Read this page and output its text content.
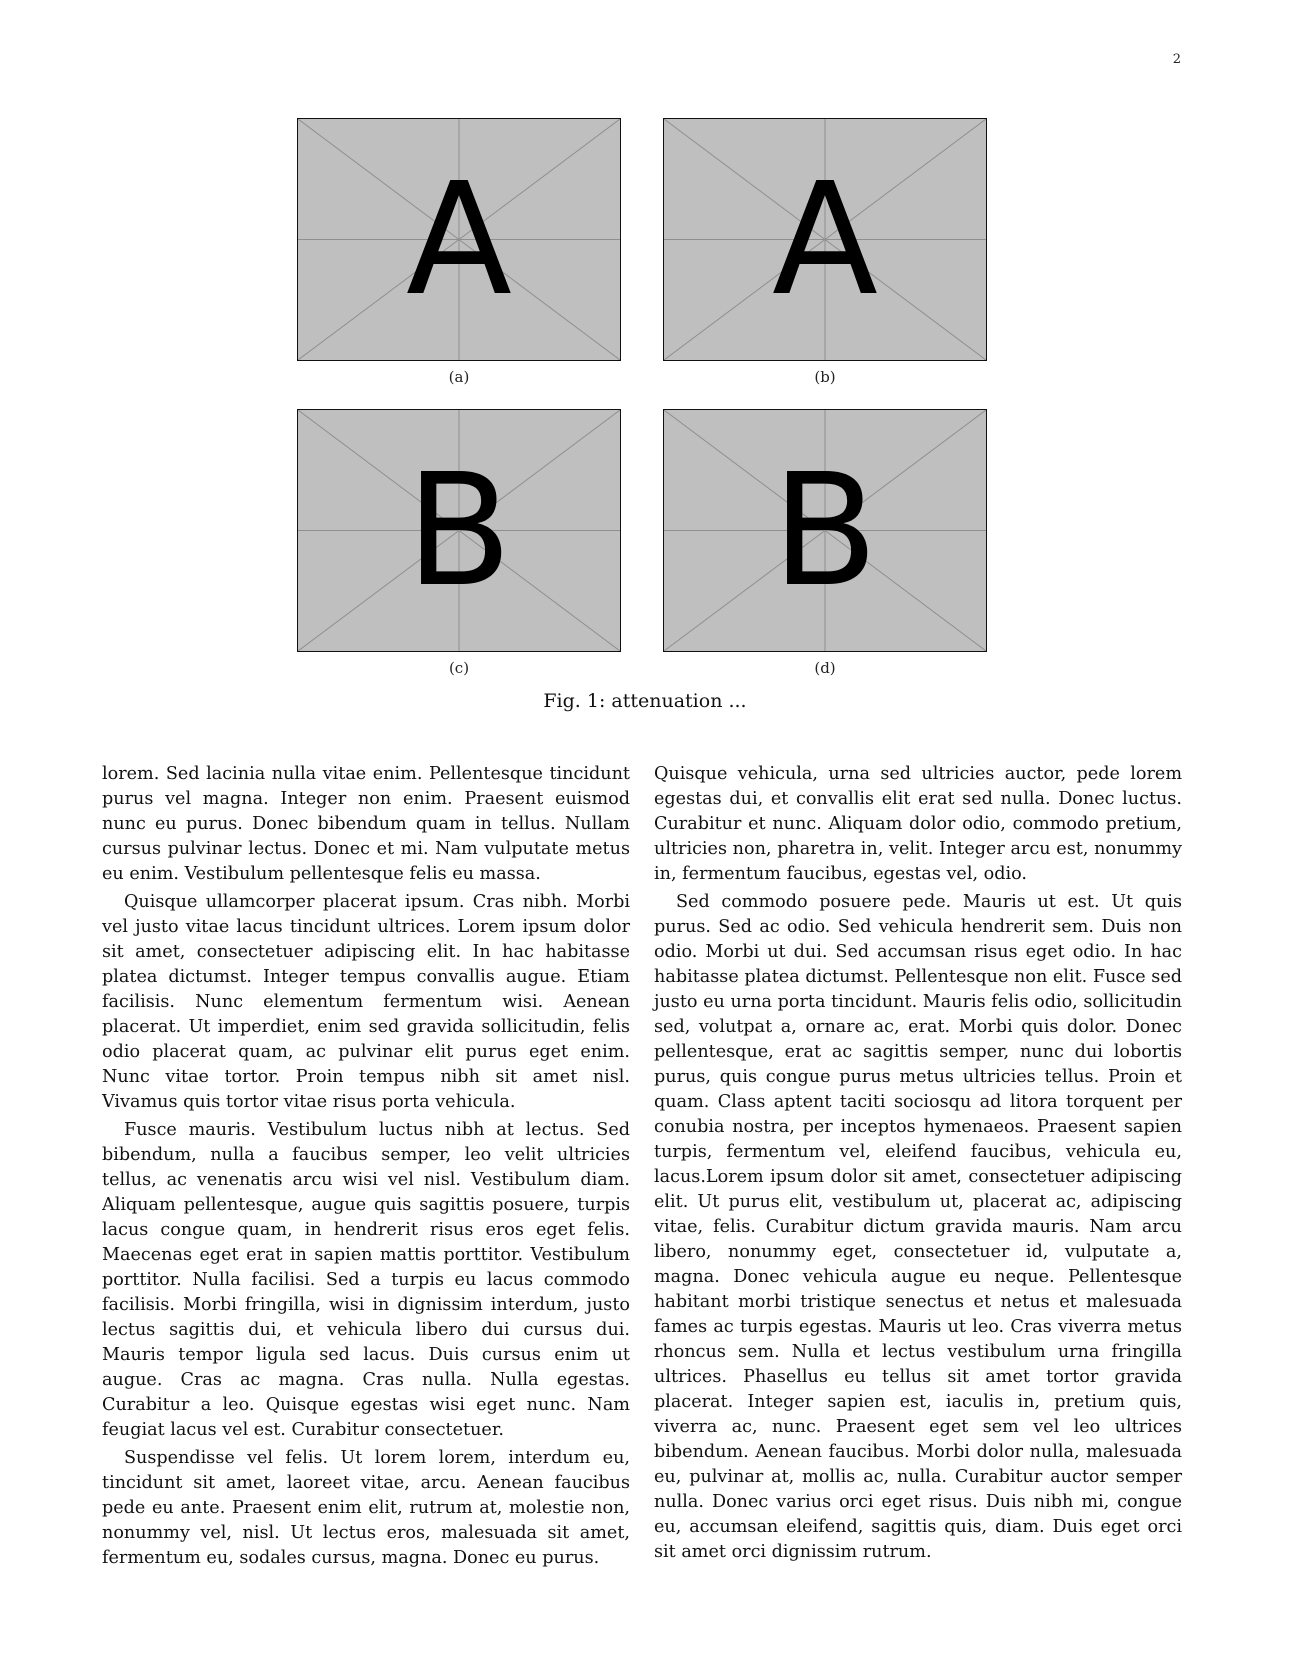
2
A
(a)
A
(b)
B
(c)
B
(d)
Fig. 1: attenuation ...

lorem. Sed lacinia nulla vitae enim. Pellentesque tincidunt purus vel magna. Integer non enim. Praesent euismod nunc eu purus. Donec bibendum quam in tellus. Nullam cursus pulvinar lectus. Donec et mi. Nam vulputate metus eu enim. Vestibulum pellentesque felis eu massa.

Quisque ullamcorper placerat ipsum. Cras nibh. Morbi vel justo vitae lacus tincidunt ultrices. Lorem ipsum dolor sit amet, consectetuer adipiscing elit. In hac habitasse platea dictumst. Integer tempus convallis augue. Etiam facilisis. Nunc elementum fermentum wisi. Aenean placerat. Ut imperdiet, enim sed gravida sollicitudin, felis odio placerat quam, ac pulvinar elit purus eget enim. Nunc vitae tortor. Proin tempus nibh sit amet nisl. Vivamus quis tortor vitae risus porta vehicula.

Fusce mauris. Vestibulum luctus nibh at lectus. Sed bibendum, nulla a faucibus semper, leo velit ultricies tellus, ac venenatis arcu wisi vel nisl. Vestibulum diam. Aliquam pellentesque, augue quis sagittis posuere, turpis lacus congue quam, in hendrerit risus eros eget felis. Maecenas eget erat in sapien mattis porttitor. Vestibulum porttitor. Nulla facilisi. Sed a turpis eu lacus commodo facilisis. Morbi fringilla, wisi in dignissim interdum, justo lectus sagittis dui, et vehicula libero dui cursus dui. Mauris tempor ligula sed lacus. Duis cursus enim ut augue. Cras ac magna. Cras nulla. Nulla egestas. Curabitur a leo. Quisque egestas wisi eget nunc. Nam feugiat lacus vel est. Curabitur consectetuer.

Suspendisse vel felis. Ut lorem lorem, interdum eu, tincidunt sit amet, laoreet vitae, arcu. Aenean faucibus pede eu ante. Praesent enim elit, rutrum at, molestie non, nonummy vel, nisl. Ut lectus eros, malesuada sit amet, fermentum eu, sodales cursus, magna. Donec eu purus.

Quisque vehicula, urna sed ultricies auctor, pede lorem egestas dui, et convallis elit erat sed nulla. Donec luctus. Curabitur et nunc. Aliquam dolor odio, commodo pretium, ultricies non, pharetra in, velit. Integer arcu est, nonummy in, fermentum faucibus, egestas vel, odio.

Sed commodo posuere pede. Mauris ut est. Ut quis purus. Sed ac odio. Sed vehicula hendrerit sem. Duis non odio. Morbi ut dui. Sed accumsan risus eget odio. In hac habitasse platea dictumst. Pellentesque non elit. Fusce sed justo eu urna porta tincidunt. Mauris felis odio, sollicitudin sed, volutpat a, ornare ac, erat. Morbi quis dolor. Donec pellentesque, erat ac sagittis semper, nunc dui lobortis purus, quis congue purus metus ultricies tellus. Proin et quam. Class aptent taciti sociosqu ad litora torquent per conubia nostra, per inceptos hymenaeos. Praesent sapien turpis, fermentum vel, eleifend faucibus, vehicula eu, lacus.Lorem ipsum dolor sit amet, consectetuer adipiscing elit. Ut purus elit, vestibulum ut, placerat ac, adipiscing vitae, felis. Curabitur dictum gravida mauris. Nam arcu libero, nonummy eget, consectetuer id, vulputate a, magna. Donec vehicula augue eu neque. Pellentesque habitant morbi tristique senectus et netus et malesuada fames ac turpis egestas. Mauris ut leo. Cras viverra metus rhoncus sem. Nulla et lectus vestibulum urna fringilla ultrices. Phasellus eu tellus sit amet tortor gravida placerat. Integer sapien est, iaculis in, pretium quis, viverra ac, nunc. Praesent eget sem vel leo ultrices bibendum. Aenean faucibus. Morbi dolor nulla, malesuada eu, pulvinar at, mollis ac, nulla. Curabitur auctor semper nulla. Donec varius orci eget risus. Duis nibh mi, congue eu, accumsan eleifend, sagittis quis, diam. Duis eget orci sit amet orci dignissim rutrum.
